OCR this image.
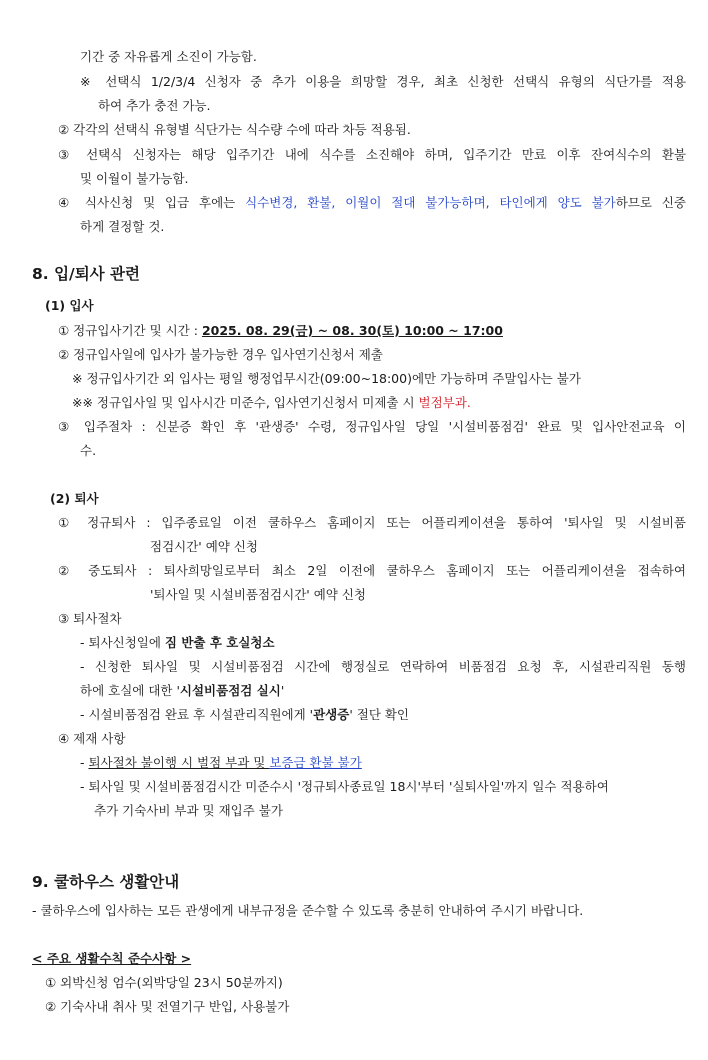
기간 중 자유롭게 소진이 가능함.
※ 선택식 1/2/3/4 신청자 중 추가 이용을 희망할 경우, 최초 신청한 선택식 유형의 식단가를 적용
하여 추가 충전 가능.
② 각각의 선택식 유형별 식단가는 식수량 수에 따라 차등 적용됨.
③ 선택식 신청자는 해당 입주기간 내에 식수를 소진해야 하며, 입주기간 만료 이후 잔여식수의 환불
및 이월이 불가능함.
④ 식사신청 및 입금 후에는 식수변경, 환불, 이월이 절대 불가능하며, 타인에게 양도 불가하므로 신중
하게 결정할 것.
8. 입/퇴사 관련
(1) 입사
① 정규입사기간 및 시간 : 2025. 08. 29(금) ~ 08. 30(토) 10:00 ~ 17:00
② 정규입사일에 입사가 불가능한 경우 입사연기신청서 제출
※ 정규입사기간 외 입사는 평일 행정업무시간(09:00~18:00)에만 가능하며 주말입사는 불가
※※ 정규입사일 및 입사시간 미준수, 입사연기신청서 미제출 시 벌점부과.
③ 입주절차 : 신분증 확인 후 '관생증' 수령, 정규입사일 당일 '시설비품점검' 완료 및 입사안전교육 이
수.
(2) 퇴사
① 정규퇴사 : 입주종료일 이전 쿨하우스 홈페이지 또는 어플리케이션을 통하여 '퇴사일 및 시설비품
점검시간' 예약 신청
② 중도퇴사 : 퇴사희망일로부터 최소 2일 이전에 쿨하우스 홈페이지 또는 어플리케이션을 접속하여
'퇴사일 및 시설비품점검시간' 예약 신청
③ 퇴사절차
- 퇴사신청일에 짐 반출 후 호실청소
- 신청한 퇴사일 및 시설비품점검 시간에 행정실로 연락하여 비품점검 요청 후, 시설관리직원 동행
하에 호실에 대한 '시설비품점검 실시'
- 시설비품점검 완료 후 시설관리직원에게 '관생증' 절단 확인
④ 제재 사항
- 퇴사절차 불이행 시 벌점 부과 및 보증금 환불 불가
- 퇴사일 및 시설비품점검시간 미준수시 '정규퇴사종료일 18시'부터 '실퇴사일'까지 일수 적용하여
추가 기숙사비 부과 및 재입주 불가
9. 쿨하우스 생활안내
- 쿨하우스에 입사하는 모든 관생에게 내부규정을 준수할 수 있도록 충분히 안내하여 주시기 바랍니다.
< 주요 생활수칙 준수사항 >
① 외박신청 엄수(외박당일 23시 50분까지)
② 기숙사내 취사 및 전열기구 반입, 사용불가
